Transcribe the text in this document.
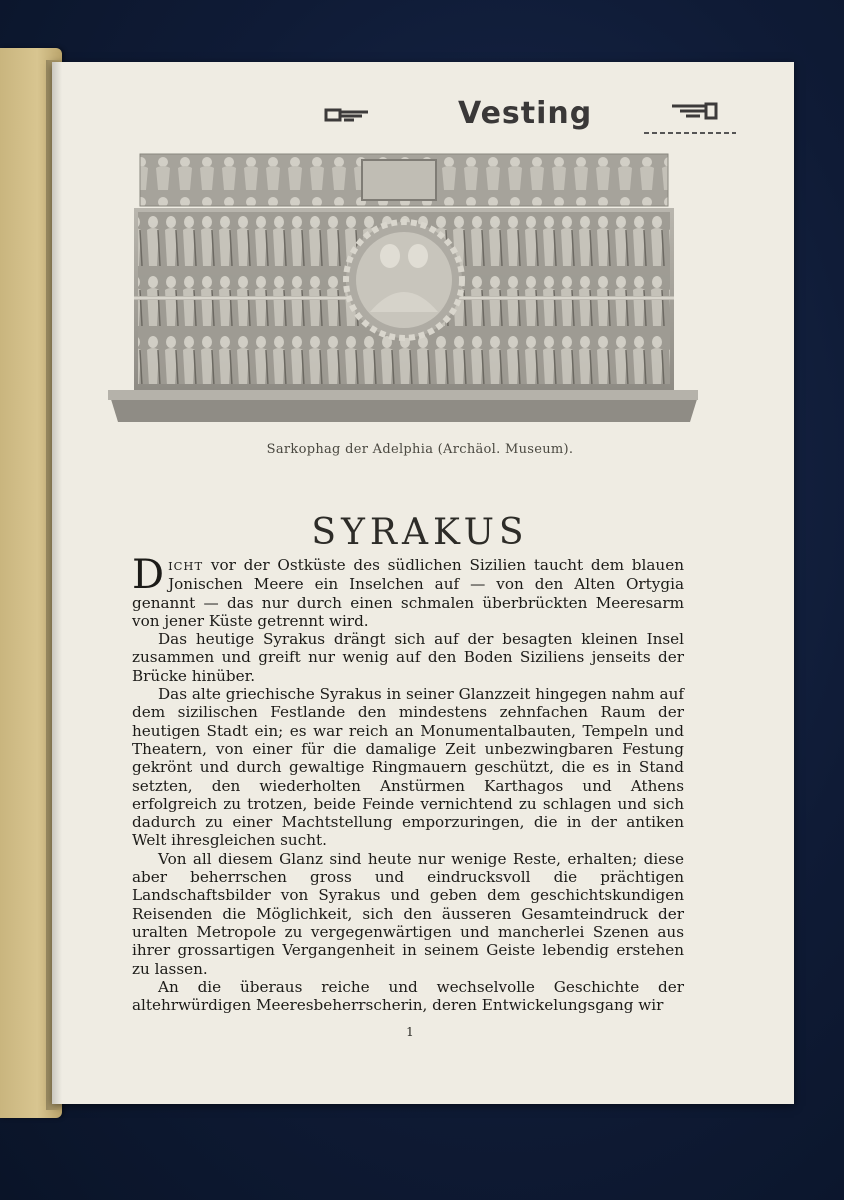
Vesting
Sarkophag der Adelphia (Archäol. Museum).
SYRAKUS

DICHT vor der Ostküste des südlichen Sizilien taucht dem blauen Jonischen Meere ein Inselchen auf — von den Alten Ortygia genannt — das nur durch einen schmalen überbrückten Meeresarm von jener Küste getrennt wird.

Das heutige Syrakus drängt sich auf der besagten kleinen Insel zusammen und greift nur wenig auf den Boden Siziliens jenseits der Brücke hinüber.

Das alte griechische Syrakus in seiner Glanzzeit hingegen nahm auf dem sizilischen Festlande den mindestens zehnfachen Raum der heutigen Stadt ein; es war reich an Monumentalbauten, Tempeln und Theatern, von einer für die damalige Zeit unbezwingbaren Festung gekrönt und durch gewaltige Ringmauern geschützt, die es in Stand setzten, den wiederholten Anstürmen Karthagos und Athens erfolgreich zu trotzen, beide Feinde vernichtend zu schlagen und sich dadurch zu einer Machtstellung emporzuringen, die in der antiken Welt ihresgleichen sucht.

Von all diesem Glanz sind heute nur wenige Reste, erhalten; diese aber beherrschen gross und eindrucksvoll die prächtigen Landschaftsbilder von Syrakus und geben dem geschichtskundigen Reisenden die Möglichkeit, sich den äusseren Gesamteindruck der uralten Metropole zu vergegenwärtigen und mancherlei Szenen aus ihrer grossartigen Vergangenheit in seinem Geiste lebendig erstehen zu lassen.

An die überaus reiche und wechselvolle Geschichte der altehrwürdigen Meeresbeherrscherin, deren Entwickelungsgang wir

1
